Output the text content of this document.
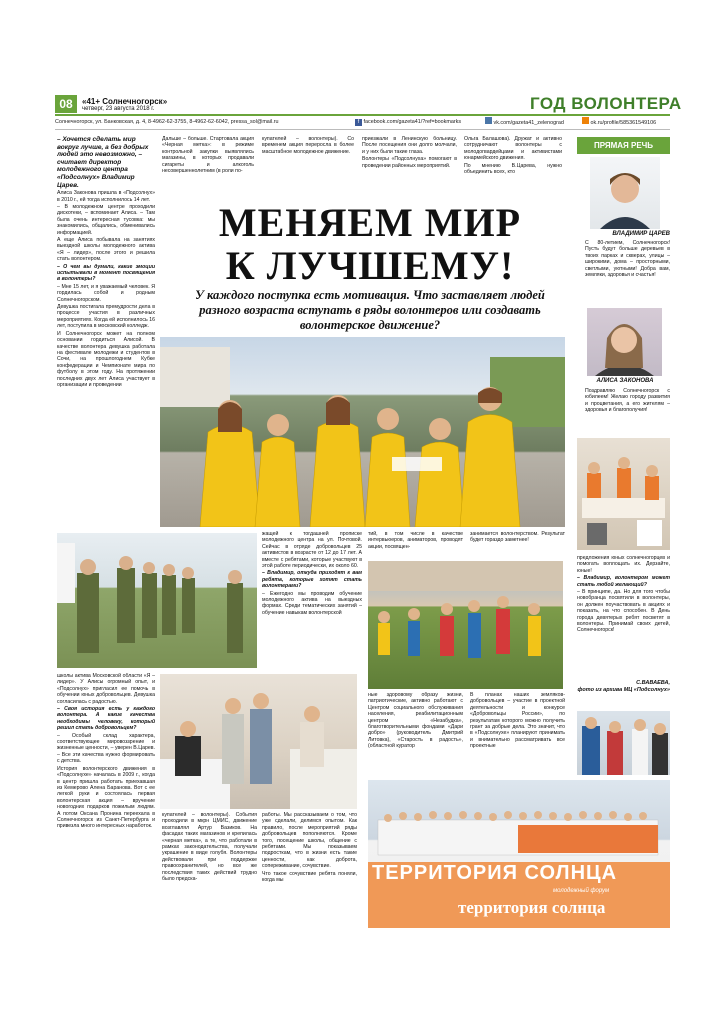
08	«41+ Солнечногорск»
четверг, 23 августа 2018 г.	ГОД ВОЛОНТЕРА
Солнечногорск, ул. Банковская, д. 4, 8-4962-62-3755, 8-4962-62-6042, pressa_sol@mail.ru	f facebook.com/gazeta41/?ref=bookmarks	vk.com/gazeta41_zelenograd	ok.ru/profile/585361549106

– Хочется сделать мир вокруг лучше, а без добрых людей это невозможно, – считает директор молодежного центра «Подсолнух» Владимир Царев.

Алиса Законова пришла в «Подсолнух» в 2010 г., ей тогда исполнилось 14 лет.

– В молодежном центре проходили дискотеки, – вспоминает Алиса. – Там была очень интересная тусовка: мы знакомились, общались, обменивались информацией.

А еще Алиса побывала на занятиях выездной школы молодежного актива «Я – лидер», после этого и решила стать волонтером.

– О чем вы думали, какие эмоции испытывали в момент посвящения в волонтеры?

– Мне 15 лет, и я уважаемый человек. Я гордилась собой и родным Солнечногорском.

Девушка постигала премудрости дела в процессе участия в различных мероприятиях. Когда ей исполнилось 16 лет, поступила в московский колледж.

И Солнечногорск может на полном основании гордиться Алисой. В качестве волонтера девушка работала на фестивале молодежи и студентов в Сочи, на прошлогоднем Кубке конфедерации и Чемпионате мира по футболу в этом году. На протяжении последних двух лет Алиса участвует в организации и проведении

Дальше – больше. Стартовала акция «Черная метка»: в режиме контрольной закупки выявлялись магазины, в которых продавали сигареты и алкоголь несовершеннолетним (в роли по-

купателей – волонтеры). Со временем акция переросла в более масштабное молодежное движение.

приезжали в Ленинскую больницу. После посещения они долго молчали, и у них были такие глаза.

Волонтеры «Подсолнуха» помогают в проведении районных мероприятий.

Ольга Балашова). Дружат и активно сотрудничают волонтеры с молодогвардейцами и активистами юнармейского движения.

По мнению В.Царева, нужно объединить всех, кто

МЕНЯЕМ МИР
К ЛУЧШЕМУ!
У каждого поступка есть мотивация. Что заставляет людей разного возраста вступать в ряды волонтеров или создавать волонтерское движение?

жащей к тогдашней прописке молодежного центра на ул. Почтовой. Сейчас в отряде добровольцев 25 активистов в возрасте от 12 до 17 лет. А вместе с ребятами, которые участвуют в этой работе периодически, их около 60.

– Владимир, откуда приходят к вам ребята, которые хотят стать волонтерами?

– Ежегодно мы проводим обучение молодежного актива на выездных формах. Среди тематических занятий – обучение навыкам волонтерской

тий, в том числе в качестве интервьюеров, аниматоров, проводят акции, посвящен-

занимается волонтерством. Результат будет гораздо заметнее!

школы актива Московской области «Я – лидер». У Алисы огромный опыт, и «Подсолнух» пригласил ее помочь в обучении юных добровольцев. Девушка согласилась с радостью.

– Своя история есть у каждого волонтера. А какие качества необходимы человеку, который решил стать добровольцем?

– Особый склад характера, соответствующее мировоззрение и жизненные ценности, – уверен В.Царев. – Все эти качества нужно формировать с детства.

История волонтерского движения в «Подсолнухе» началась в 2009 г., когда в центр пришла работать приехавшая из Кемерово Алена Баранова. Вот с ее легкой руки и состоялась первая волонтерская акция – вручение новогодних подарков пожилым людям. А потом Оксана Пронина переехала в Солнечногорск из Санкт-Петербурга и привезла много интересных наработок.

купателей – волонтеры). События проходили в мкрн ЦМИС, движение возглавлял Артур Вазиков. На фасадах таких магазинов и крепилась «черная метка», а те, что работали в рамках законодательства, получали украшение в виде голубя. Волонтеры действовали при поддержке правоохранителей, но все же последствия таких действий трудно было предска-

работы. Мы рассказываем о том, что уже сделали, делимся опытом. Как правило, после мероприятий ряды добровольцев пополняются. Кроме того, посещение школы, общение с ребятами. Мы показываем подросткам, что в жизни есть такие ценности, как доброта, сопереживание, сочувствие.

Что такое сочувствие ребята поняли, когда мы

ные здоровому образу жизни, патриотические, активно работают с Центром социального обслуживания населения, реабилитационным центром «Незабудка», благотворительными фондами «Дари добро» (руководитель Дмитрий Литовка), «Старость в радость», (областной куратор

В планах наших земляков-добровольцев – участие в проектной деятельности и конкурсе «Добровольцы России», по результатам которого можно получить грант за добрые дела. Это значит, что в «Подсолнухе» планируют принимать и внимательно рассматривать все проектные

ТЕРРИТОРИЯ СОЛНЦА
молодежный форум
территория солнца
ПРЯМАЯ РЕЧЬ
ВЛАДИМИР ЦАРЕВ

С 80-летием, Солнечногорск! Пусть будут больше деревьев в твоих парках и скверах, улицы – широкими, дома – просторными, светлыми, уютными! Добра вам, земляки, здоровья и счастья!

АЛИСА ЗАКОНОВА

Поздравляю Солнечногорск с юбилеем! Желаю городу развития и процветания, а его жителям – здоровья и благополучия!

предложения юных солнечногорцев и помогать воплощать их. Дерзайте, юные!

– Владимир, волонтером может стать любой желающий?

– В принципе, да. Но для того чтобы новобранца посвятили в волонтеры, он должен поучаствовать в акциях и показать, на что способен. В День города девятерых ребят посветят в волонтеры. Принимай своих детей, Солнечногорск!

С.ВАВАЕВА,
фото из архива МЦ «Подсолнух»
